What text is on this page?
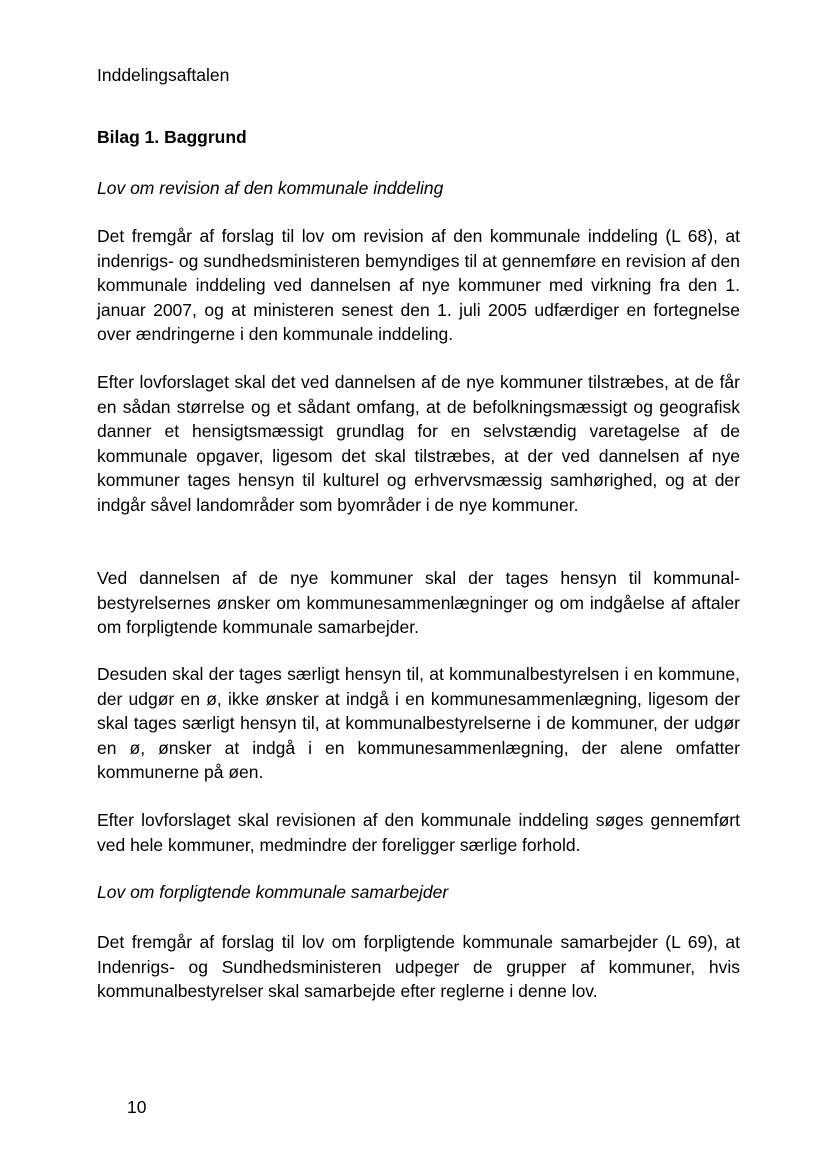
Inddelingsaftalen
Bilag 1. Baggrund
Lov om revision af den kommunale inddeling

Det fremgår af forslag til lov om revision af den kommunale inddeling (L 68), at indenrigs- og sundhedsministeren bemyndiges til at gennemføre en revision af den kommunale inddeling ved dannelsen af nye kommuner med virkning fra den 1. januar 2007, og at ministeren senest den 1. juli 2005 udfærdiger en fortegnelse over ændringerne i den kommunale inddeling.

Efter lovforslaget skal det ved dannelsen af de nye kommuner tilstræbes, at de får en sådan størrelse og et sådant omfang, at de befolkningsmæssigt og geografisk danner et hensigtsmæssigt grundlag for en selvstændig varetagelse af de kommunale opgaver, ligesom det skal tilstræbes, at der ved dannelsen af nye kommuner tages hensyn til kulturel og erhvervsmæssig samhørighed, og at der indgår såvel landområder som byområder i de nye kommuner.

Ved dannelsen af de nye kommuner skal der tages hensyn til kommunalbestyrelsernes ønsker om kommunesammenlægninger og om indgåelse af aftaler om forpligtende kommunale samarbejder.

Desuden skal der tages særligt hensyn til, at kommunalbestyrelsen i en kommune, der udgør en ø, ikke ønsker at indgå i en kommunesammenlægning, ligesom der skal tages særligt hensyn til, at kommunalbestyrelserne i de kommuner, der udgør en ø, ønsker at indgå i en kommunesammenlægning, der alene omfatter kommunerne på øen.

Efter lovforslaget skal revisionen af den kommunale inddeling søges gennemført ved hele kommuner, medmindre der foreligger særlige forhold.

Lov om forpligtende kommunale samarbejder

Det fremgår af forslag til lov om forpligtende kommunale samarbejder (L 69), at Indenrigs- og Sundhedsministeren udpeger de grupper af kommuner, hvis kommunalbestyrelser skal samarbejde efter reglerne i denne lov.

10
